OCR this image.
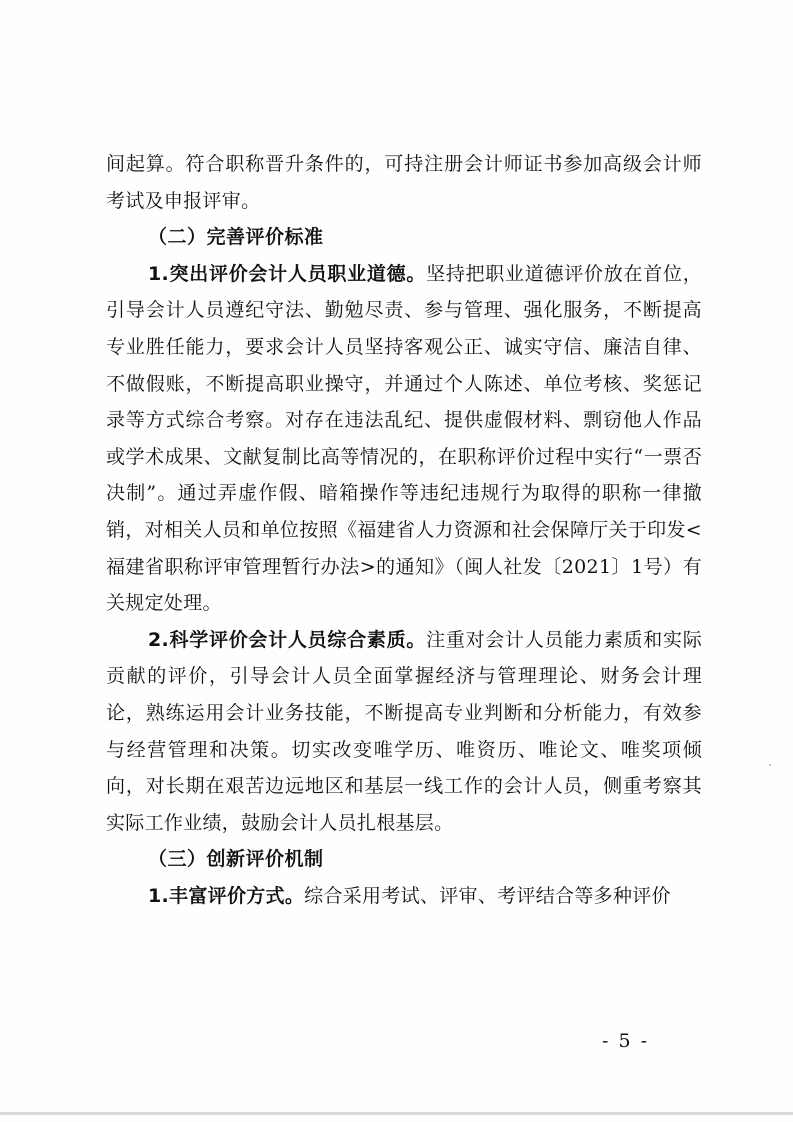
间起算。符合职称晋升条件的，可持注册会计师证书参加高级会计师考试及申报评审。

（二）完善评价标准

1.突出评价会计人员职业道德。坚持把职业道德评价放在首位，引导会计人员遵纪守法、勤勉尽责、参与管理、强化服务，不断提高专业胜任能力，要求会计人员坚持客观公正、诚实守信、廉洁自律、不做假账，不断提高职业操守，并通过个人陈述、单位考核、奖惩记录等方式综合考察。对存在违法乱纪、提供虚假材料、剽窃他人作品或学术成果、文献复制比高等情况的，在职称评价过程中实行“一票否决制”。通过弄虚作假、暗箱操作等违纪违规行为取得的职称一律撤销，对相关人员和单位按照《福建省人力资源和社会保障厅关于印发<福建省职称评审管理暂行办法>的通知》（闽人社发〔2021〕1号）有关规定处理。

2.科学评价会计人员综合素质。注重对会计人员能力素质和实际贡献的评价，引导会计人员全面掌握经济与管理理论、财务会计理论，熟练运用会计业务技能，不断提高专业判断和分析能力，有效参与经营管理和决策。切实改变唯学历、唯资历、唯论文、唯奖项倾向，对长期在艰苦边远地区和基层一线工作的会计人员，侧重考察其实际工作业绩，鼓励会计人员扎根基层。

（三）创新评价机制

1.丰富评价方式。综合采用考试、评审、考评结合等多种评价

- 5 -
